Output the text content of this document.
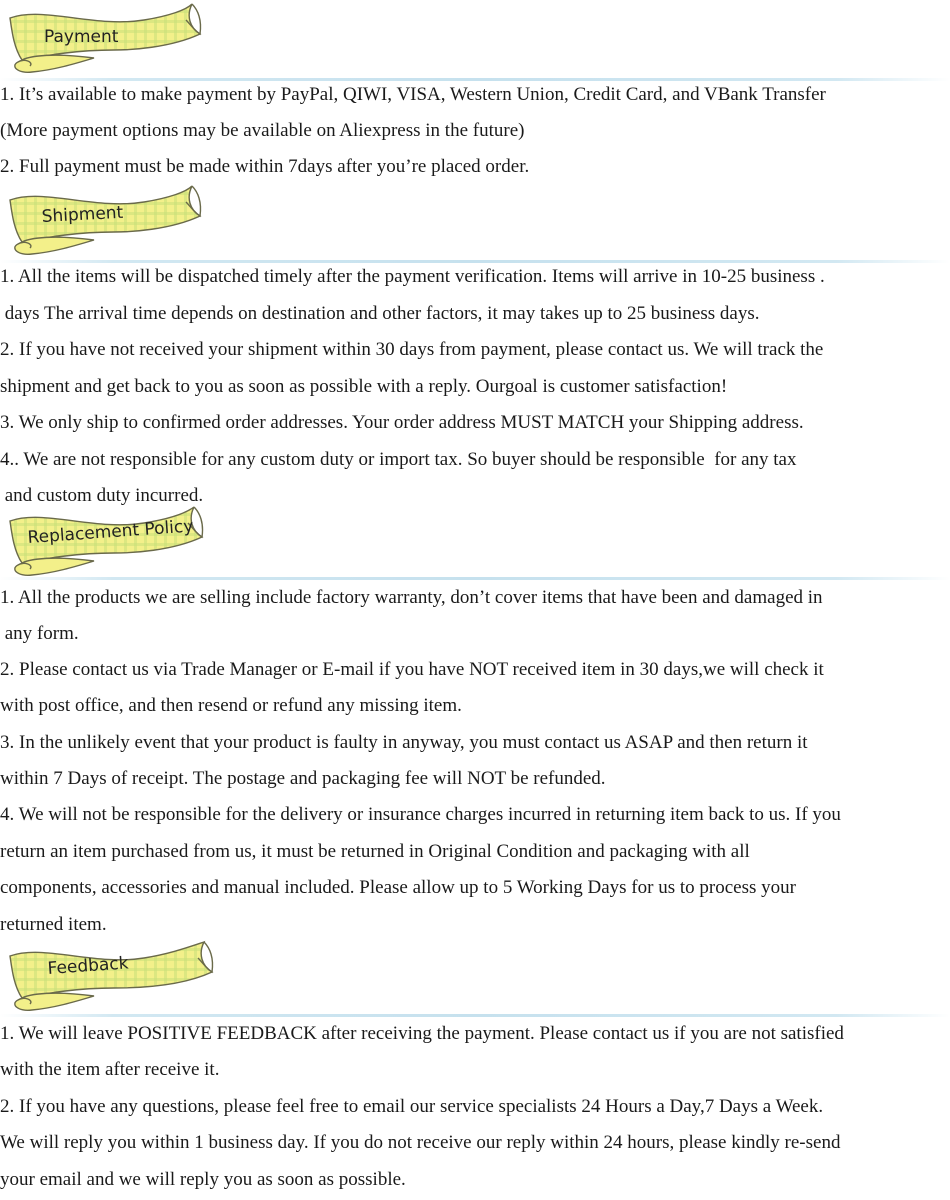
Payment
1. It’s available to make payment by PayPal, QIWI, VISA, Western Union, Credit Card, and VBank Transfer
(More payment options may be available on Aliexpress in the future)
2. Full payment must be made within 7days after you’re placed order.
Shipment
1. All the items will be dispatched timely after the payment verification. Items will arrive in 10-25 business .
days The arrival time depends on destination and other factors, it may takes up to 25 business days.
2. If you have not received your shipment within 30 days from payment, please contact us. We will track the
shipment and get back to you as soon as possible with a reply. Ourgoal is customer satisfaction!
3. We only ship to confirmed order addresses. Your order address MUST MATCH your Shipping address.
4.. We are not responsible for any custom duty or import tax. So buyer should be responsible  for any tax
and custom duty incurred.
Replacement Policy
1. All the products we are selling include factory warranty, don’t cover items that have been and damaged in
any form.
2. Please contact us via Trade Manager or E-mail if you have NOT received item in 30 days,we will check it
with post office, and then resend or refund any missing item.
3. In the unlikely event that your product is faulty in anyway, you must contact us ASAP and then return it
within 7 Days of receipt. The postage and packaging fee will NOT be refunded.
4. We will not be responsible for the delivery or insurance charges incurred in returning item back to us. If you
return an item purchased from us, it must be returned in Original Condition and packaging with all
components, accessories and manual included. Please allow up to 5 Working Days for us to process your
returned item.
Feedback
1. We will leave POSITIVE FEEDBACK after receiving the payment. Please contact us if you are not satisfied
with the item after receive it.
2. If you have any questions, please feel free to email our service specialists 24 Hours a Day,7 Days a Week.
We will reply you within 1 business day. If you do not receive our reply within 24 hours, please kindly re-send
your email and we will reply you as soon as possible.
